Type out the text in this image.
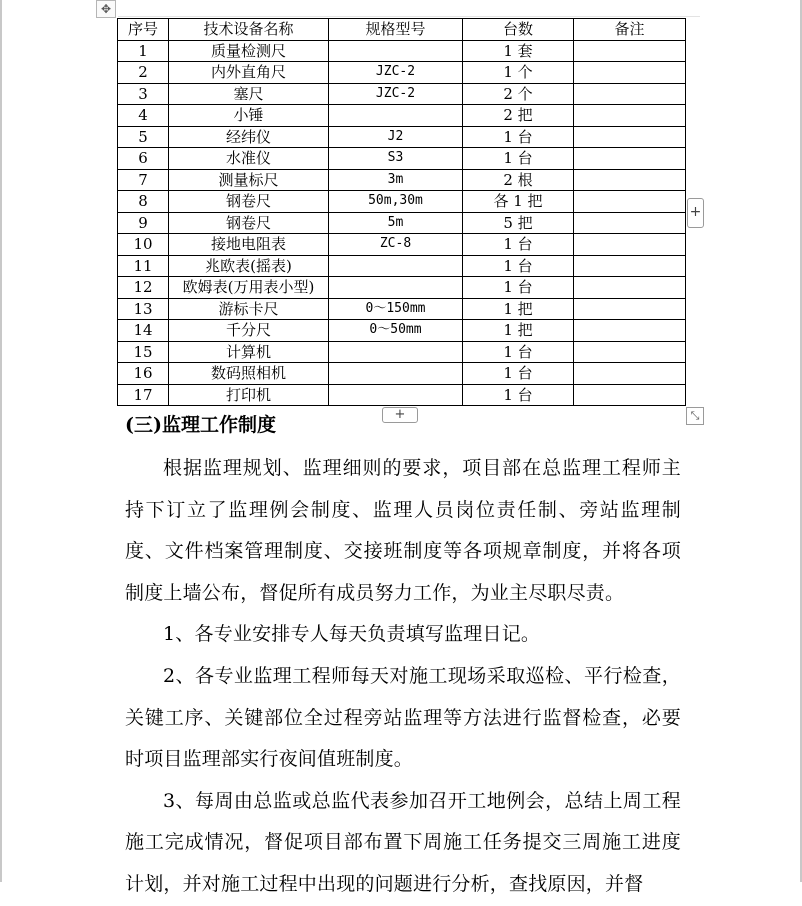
✥
序号	技术设备名称	规格型号	台数	备注
1	质量检测尺		1 套	
2	内外直角尺	JZC-2	1 个	
3	塞尺	JZC-2	2 个	
4	小锤		2 把	
5	经纬仪	J2	1 台	
6	水准仪	S3	1 台	
7	测量标尺	3m	2 根	
8	钢卷尺	50m,30m	各 1 把	
9	钢卷尺	5m	5 把	
10	接地电阻表	ZC-8	1 台	
11	兆欧表(摇表)		1 台	
12	欧姆表(万用表小型)		1 台	
13	游标卡尺	0～150mm	1 把	
14	千分尺	0～50mm	1 把	
15	计算机		1 台	
16	数码照相机		1 台	
17	打印机		1 台	
+
+	⤡
(三)监理工作制度

根据监理规划、监理细则的要求，项目部在总监理工程师主持下订立了监理例会制度、监理人员岗位责任制、旁站监理制度、文件档案管理制度、交接班制度等各项规章制度，并将各项制度上墙公布，督促所有成员努力工作，为业主尽职尽责。

1、各专业安排专人每天负责填写监理日记。

2、各专业监理工程师每天对施工现场采取巡检、平行检查，关键工序、关键部位全过程旁站监理等方法进行监督检查，必要时项目监理部实行夜间值班制度。

3、每周由总监或总监代表参加召开工地例会，总结上周工程施工完成情况，督促项目部布置下周施工任务提交三周施工进度计划，并对施工过程中出现的问题进行分析，查找原因，并督
